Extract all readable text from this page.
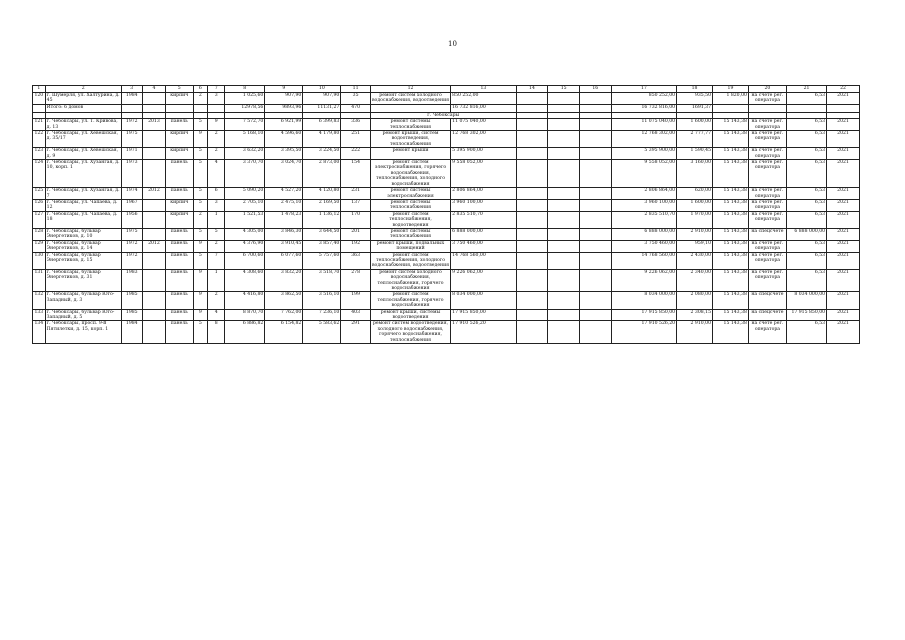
10
1	2	3	4	5	6	7	8	9	10	11	12	13	14	15	16	17	18	19	20	21	22
120	г. Шумерля, ул. Халтурина, д. 45	1984		кирпич	2	3	1 025,60	907,90	907,90	35	ремонт систем холодного водоснабжения, водоотведения	850 252,00				850 252,00	935,50	1 820,00	на счете рег. оператора	6,53	2021
	Итого: 6 домов						12978,56	9893,96	11131,27	470		16 732 816,00				16 732 816,00	1691,37				
											г. Чебоксары										
121	г. Чебоксары, ул. Т. Кривова, д. 13	1972	2013	панель	5	9	7 572,70	6 921,99	6 399,83	336	ремонт системы теплоснабжения	11 075 040,00				11 075 040,00	1 600,00	15 143,38	на счете рег. оператора	6,53	2021
122	г. Чебоксары, ул. Хевешская, д. 35/17	1975		кирпич	9	2	5 168,10	4 596,60	4 179,80	251	ремонт крыши, систем водоотведения, теплоснабжения	12 768 302,00				12 768 302,00	2 777,77	15 143,38	на счете рег. оператора	6,53	2021
123	г. Чебоксары, ул. Хевешская, д. 9	1971		кирпич	5	2	3 632,20	3 395,50	3 224,50	222	ремонт крыши	5 395 900,00				5 395 900,00	1 590,45	15 143,38	на счете рег. оператора	6,53	2021
124	г. Чебоксары, ул. Хузангая, д. 10, корп. 1	1973		панель	5	4	3 370,70	3 024,70	2 873,00	154	ремонт систем электроснабжения, горячего водоснабжения, теплоснабжения, холодного водоснабжения	9 558 052,00				9 558 052,00	3 160,00	15 143,38	на счете рег. оператора	6,53	2021
125	г. Чебоксары, ул. Хузангая, д. 7	1974	2012	панель	5	6	5 090,20	4 527,20	4 120,80	231	ремонт системы электроснабжения	2 806 864,00				2 806 864,00	620,00	15 143,38	на счете рег. оператора	6,53	2021
126	г. Чебоксары, ул. Чапаева, д. 12	1967		кирпич	5	3	2 705,10	2 475,10	2 169,50	137	ремонт системы теплоснабжения	3 960 100,00				3 960 100,00	1 600,00	15 143,38	на счете рег. оператора	6,53	2021
127	г. Чебоксары, ул. Чапаева, д. 18	1956		кирпич	2	1	1 521,53	1 478,23	1 136,12	170	ремонт систем теплоснабжения, водоотведения	2 835 510,70				2 835 510,70	1 970,00	15 143,38	на счете рег. оператора	6,53	2021
128	г. Чебоксары, бульвар Энергетиков, д. 10	1975		панель	5	5	4 305,00	3 846,30	3 644,50	201	ремонт системы теплоснабжения	6 888 000,00				6 888 000,00	2 910,00	15 143,38	на спецсчете	6 888 000,00	2021
129	г. Чебоксары, бульвар Энергетиков, д. 14	1972	2012	панель	9	2	4 376,90	3 910,45	3 857,40	192	ремонт крыши, подвальных помещений	3 750 460,00				3 750 460,00	959,10	15 143,38	на счете рег. оператора	6,53	2021
130	г. Чебоксары, бульвар Энергетиков, д. 15	1972		панель	5	7	6 700,60	6 077,60	5 757,60	363	ремонт систем теплоснабжения, холодного водоснабжения, водоотведения	14 768 560,00				14 768 560,00	2 430,00	15 143,38	на счете рег. оператора	6,53	2021
131	г. Чебоксары, бульвар Энергетиков, д. 31	1983		панель	9	1	4 308,60	3 832,20	3 518,70	278	ремонт систем холодного водоснабжения, теплоснабжения, горячего водоснабжения	9 226 062,00				9 226 062,00	2 340,00	15 143,38	на счете рег. оператора	6,53	2021
132	г. Чебоксары, бульвар Юго-Западный, д. 3	1985		панель	9	2	4 416,80	3 862,50	3 516,10	199	ремонт систем теплоснабжения, горячего водоснабжения	8 034 000,00				8 034 000,00	2 080,00	15 143,38	на спецсчете	8 034 000,00	2021
133	г. Чебоксары, бульвар Юго-Западный, д. 5	1985		панель	9	4	8 870,70	7 762,00	7 236,10	403	ремонт крыши, системы водоотведения	17 915 850,00				17 915 850,00	2 308,15	15 143,38	на спецсчете	17 915 850,00	2021
134	г. Чебоксары, просп. 9-й Пятилетки, д. 15, корп. 1	1984		панель	5	8	6 886,82	6 154,82	5 583,62	291	ремонт систем водоотведения, холодного водоснабжения, горячего водоснабжения, теплоснабжения	17 910 526,20				17 910 526,20	2 910,00	15 143,38	на счете рег. оператора	6,53	2021
